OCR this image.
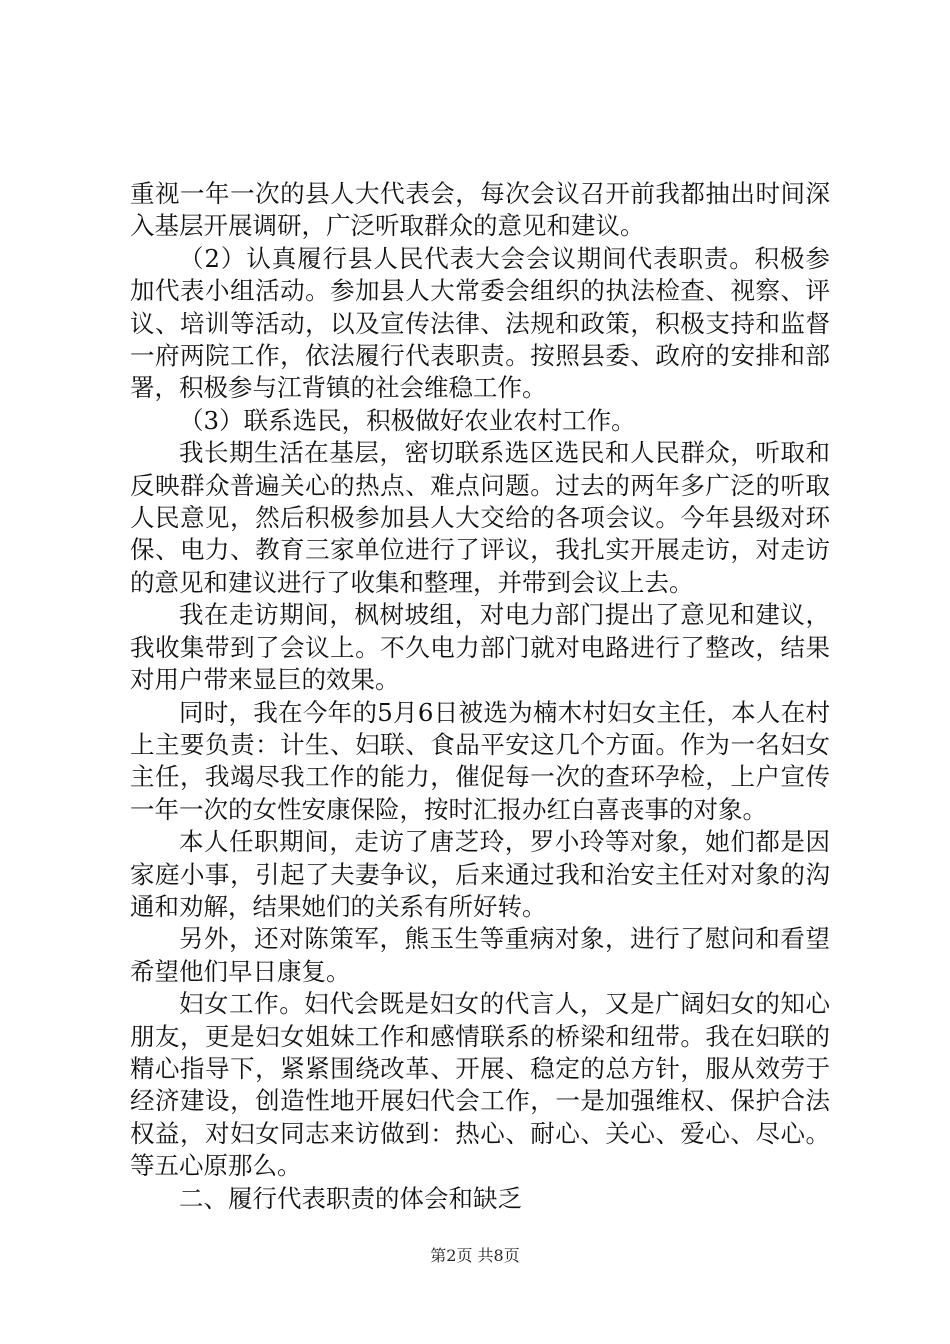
重视一年一次的县人大代表会，每次会议召开前我都抽出时间深入基层开展调研，广泛听取群众的意见和建议。

（2）认真履行县人民代表大会会议期间代表职责。积极参加代表小组活动。参加县人大常委会组织的执法检查、视察、评议、培训等活动，以及宣传法律、法规和政策，积极支持和监督一府两院工作，依法履行代表职责。按照县委、政府的安排和部署，积极参与江背镇的社会维稳工作。

（3）联系选民，积极做好农业农村工作。

我长期生活在基层，密切联系选区选民和人民群众，听取和反映群众普遍关心的热点、难点问题。过去的两年多广泛的听取人民意见，然后积极参加县人大交给的各项会议。今年县级对环保、电力、教育三家单位进行了评议，我扎实开展走访，对走访的意见和建议进行了收集和整理，并带到会议上去。

我在走访期间，枫树坡组，对电力部门提出了意见和建议，我收集带到了会议上。不久电力部门就对电路进行了整改，结果对用户带来显巨的效果。

同时，我在今年的5月6日被选为楠木村妇女主任，本人在村上主要负责：计生、妇联、食品平安这几个方面。作为一名妇女主任，我竭尽我工作的能力，催促每一次的查环孕检，上户宣传一年一次的女性安康保险，按时汇报办红白喜丧事的对象。

本人任职期间，走访了唐芝玲，罗小玲等对象，她们都是因家庭小事，引起了夫妻争议，后来通过我和治安主任对对象的沟通和劝解，结果她们的关系有所好转。

另外，还对陈策军，熊玉生等重病对象，进行了慰问和看望希望他们早日康复。

妇女工作。妇代会既是妇女的代言人，又是广阔妇女的知心朋友，更是妇女姐妹工作和感情联系的桥梁和纽带。我在妇联的精心指导下，紧紧围绕改革、开展、稳定的总方针，服从效劳于经济建设，创造性地开展妇代会工作，一是加强维权、保护合法权益，对妇女同志来访做到：热心、耐心、关心、爱心、尽心。等五心原那么。

二、履行代表职责的体会和缺乏

第2页 共8页
